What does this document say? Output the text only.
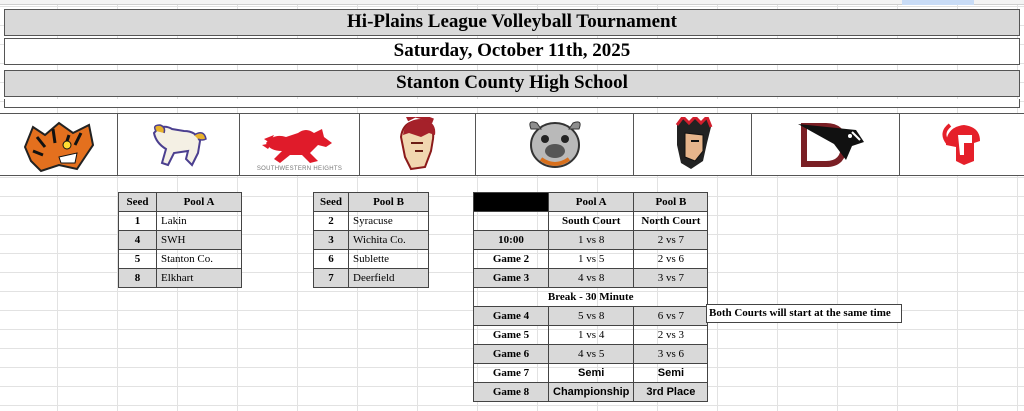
Hi-Plains League Volleyball Tournament
Saturday, October 11th, 2025
Stanton County High School
SOUTHWESTERN HEIGHTS
Seed	Pool A
1	Lakin
4	SWH
5	Stanton Co.
8	Elkhart
Seed	Pool B
2	Syracuse
3	Wichita Co.
6	Sublette
7	Deerfield
	Pool A	Pool B
	South Court	North Court
10:00	1 vs 8	2 vs 7
Game 2	1 vs 5	2 vs 6
Game 3	4 vs 8	3 vs 7
Break - 30 Minute		
Game 4	5 vs 8	6 vs 7
Game 5	1 vs 4	2 vs 3
Game 6	4 vs 5	3 vs 6
Game 7	Semi	Semi
Game 8	Championship	3rd Place
Both Courts will start at the same time
